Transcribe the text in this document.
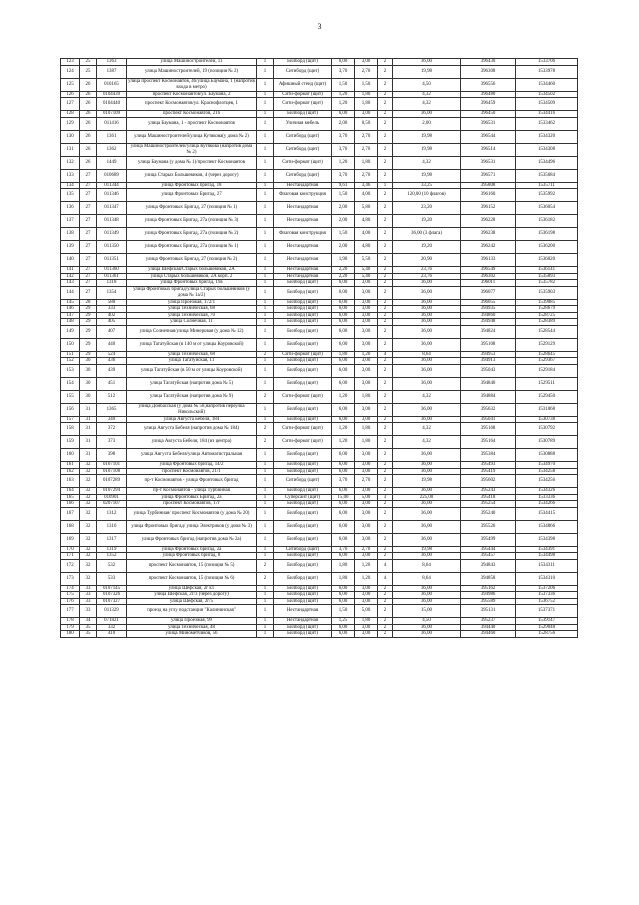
3
123	25	1363	улица Машиностроителей, 11	1	Билборд (щит)	6,00	3,00	2	36,00	396430	1533706
124	25	1387	улица Машиностроителей, 19 (позиция № 2)	1	Ситиборд (щит)	3,70	2,70	2	19,98	396308	1533978
125	26	010165	улица проспект Космонавтов, 46/улица Баумана, 1 (напротив входа в метро)	1	Афишный стенд (щит)	1,50	1,50	2	4,50	396556	1534460
126	26	0104439	проспект Космонавтов/ул. Баумана, 2	1	Сити-формат (щит)	1,20	1,80	2	4,32	396480	1534502
127	26	0104440	проспект Космонавтов/ул. Краснофлотцев, 1	1	Сити-формат (щит)	1,20	1,80	2	4,32	396459	1534509
128	26	0107109	проспект Космонавтов, 21б	1	Билборд (щит)	6,00	3,00	2	36,00	396450	1534416
129	26	011416	улица Баумана, 1 - проспект Космонавтов	1	Уличная мебель	2,00	0,50	2	2,00	396531	1533462
130	26	1361	улица Машиностроителей/улица Кутякова(у дома № 2)	1	Ситиборд (щит)	3,70	2,70	2	19,98	396544	1534320
131	26	1362	улица Машиностроителей/улица Кутякова (напротив дома № 2)	1	Ситиборд (щит)	3,70	2,70	2	19,98	396514	1534308
132	26	1449	улица Баумана (у дома № 1)/проспект Космонавтов	1	Сити-формат (щит)	1,20	1,80	2	4,32	396531	1534496
133	27	010689	улица Старых Большевиков, 4 (через дорогу)	1	Ситиборд (щит)	3,70	2,70	2	19,98	396571	1535684
134	27	011344	улица Фронтовых бригад, 18	1	Нестандартная	9,61	3,46	1	33,25	395808	1535711
135	27	011346	улица Фронтовых Бригад, 27	1	Флаговая конструкция	1,50	4,00	2	120,00 (10 флагов)	396160	1535992
136	27	011347	улица Фронтовых Бригад, 27 (позиция № 1)	1	Нестандартная	2,00	5,80	2	23,20	396152	1536054
137	27	011348	улица Фронтовых Бригад, 27а (позиция № 3)	1	Нестандартная	2,00	4,80	2	19,20	396228	1536182
138	27	011349	улица Фронтовых Бригад, 27а (позиция № 2)	1	Флаговая конструкция	1,50	4,00	2	36,00 (3 флага)	396238	1536198
139	27	011350	улица Фронтовых Бригад, 27а (позиция № 1)	1	Нестандартная	2,00	4,80	2	19,20	396242	1536200
140	27	011351	улица Фронтовых Бригад, 27 (позиция № 2)	1	Нестандартная	1,90	5,50	2	20,90	396133	1536020
141	27	011360	улица Шефская/Старых большевиков, 2А	1	Нестандартная	2,20	5,40	2	23,76	396549	1536141
142	27	011361	улица Старых большевиков, 2А корп. 2	1	Нестандартная	2,20	5,40	2	23,76	396302	1535893
143	27	1318	улица Фронтовых бригад, 19а	1	Билборд (щит)	6,00	3,00	2	36,00	396011	1535782
144	27	1354	улица Фронтовых бригад/улица Старых большевиков (у дома № 1а/2)	1	Билборд (щит)	6,00	3,00	2	36,00	396077	1535903
145	28	580	улица Проезжая, 172/1	1	Билборд (щит)	6,00	3,00	2	36,00	396055	1539085
146	29	333	улица Техническая, 68	1	Билборд (щит)	6,00	3,00	2	36,00	394935	1528679
147	29	402	улица Техническая, 70	1	Билборд (щит)	6,00	3,00	2	36,00	394860	1528725
148	29	405	улица Солнечная, 11	1	Билборд (щит)	6,00	3,00	2	36,00	394948	1528389
149	29	407	улица Солнечная/улица Минеровая (у дома № 12)	1	Билборд (щит)	6,00	3,00	2	36,00	394824	1528544
150	29	440	улица Тагатуйская (в 140 м от улицы Коуровской)	1	Билборд (щит)	6,00	3,00	2	36,00	395108	1529129
151	29	524	улица Техническая, 68	2	Сити-формат (щит)	1,80	1,20	4	8,64	394953	1528645
152	30	436	улица Тагатуйская, 11	1	Билборд (щит)	6,00	3,00	2	36,00	394913	1529367
153	30	439	улица Тагатуйская (в 50 м от улицы Коуровской)	1	Билборд (щит)	6,00	3,00	2	36,00	395043	1529184
154	30	451	улица Тагатуйская (напротив дома № 5)	1	Билборд (щит)	6,00	3,00	2	36,00	394840	1529511
155	30	512	улица Тагатуйская (напротив дома № 9)	2	Сити-формат (щит)	1,20	1,80	2	4,32	394884	1529450
156	31	1365	улица Донбасская (у дома № 58,напротив переулка Никольский)	1	Билборд (щит)	6,00	3,00	2	36,00	395632	1531068
157	31	340	улица Августа Бебеля, 184	1	Билборд (щит)	6,00	3,00	2	36,00	395041	1530738
158	31	372	улица Августа Бебеля (напротив дома № 184)	2	Сити-формат (щит)	1,20	1,80	2	4,32	395168	1530792
159	31	373	улица Августа Бебеля, 184 (из центра)	2	Сити-формат (щит)	1,20	1,80	2	4,32	395164	1530789
160	31	398	улица Августа Бебеля/улица Автомагистральная	1	Билборд (щит)	6,00	3,00	2	36,00	395384	1530888
161	32	0107101	улица Фронтовых бригад, 14/2	1	Билборд (щит)	6,00	3,00	2	36,00	395493	1534970
162	32	0107108	проспект Космонавтов, 21/1	1	Билборд (щит)	6,00	3,00	2	36,00	395419	1534258
163	32	0107289	пр-т Космонавтов - улица Фронтовых бригад	1	Ситиборд (щит)	3,70	2,70	2	19,98	395602	1534256
164	32	0107294	пр-т Космонавтов - улица Турбинная	1	Билборд (щит)	6,00	3,00	2	36,00	395243	1534326
165	32	010901	улица Фронтовых Бригад, 2а	1	Суперсайт (щит)	15,00	5,00	3	225,00	395418	1533336
166	32	0207107	проспект Космонавтов, 17г	1	Билборд (щит)	6,00	3,00	2	36,00	395254	1534266
167	32	1312	улица Турбинная/ проспект Космонавтов (у дома № 20)	1	Билборд (щит)	6,00	3,00	2	36,00	395240	1534415
168	32	1316	улица Фронтовых бригад/ улица Электриков (у дома № 3)	1	Билборд (щит)	6,00	3,00	2	36,00	395526	1534866
169	32	1317	улица Фронтовых бригад (напротив дома № 2а)	1	Билборд (щит)	6,00	3,00	2	36,00	395499	1534398
170	32	1319	улица Фронтовых бригад, 2а	1	Ситиборд (щит)	3,70	2,70	2	19,98	395444	1534391
171	32	1352	улица Фронтовых бригад, 8	1	Билборд (щит)	6,00	3,00	2	36,00	395457	1534498
172	32	532	проспект Космонавтов, 15 (позиция № 5)	2	Билборд (щит)	1,80	1,20	4	8,64	394843	1534311
173	32	533	проспект Космонавтов, 15 (позиция № 6)	2	Билборд (щит)	1,80	1,20	4	8,64	394858	1534310
174	33	0107145	улица Шефская, 2г к1	1	Билборд (щит)	6,00	3,00	2	36,00	395162	1537206
175	33	0107326	улица Шефская, 2г/3 (через дорогу)	1	Билборд (щит)	6,00	3,00	2	36,00	394986	1537336
176	33	0107327	улица Шефская, 2г/5	1	Билборд (щит)	6,00	3,00	2	36,00	395589	1536752
177	33	011329	проезд на углу подстанции "Калининская"	1	Нестандартная	1,50	5,00	2	15,00	395131	1537371
178	34	071821	улица Проезжая, 99	1	Нестандартная	1,25	1,80	2	4,50	395237	1539147
179	35	332	улица Техническая, 48	1	Билборд (щит)	6,00	3,00	2	36,00	394440	1529048
180	35	410	улица Минометчиков, 56	1	Билборд (щит)	6,00	3,00	2	36,00	394460	1528756
